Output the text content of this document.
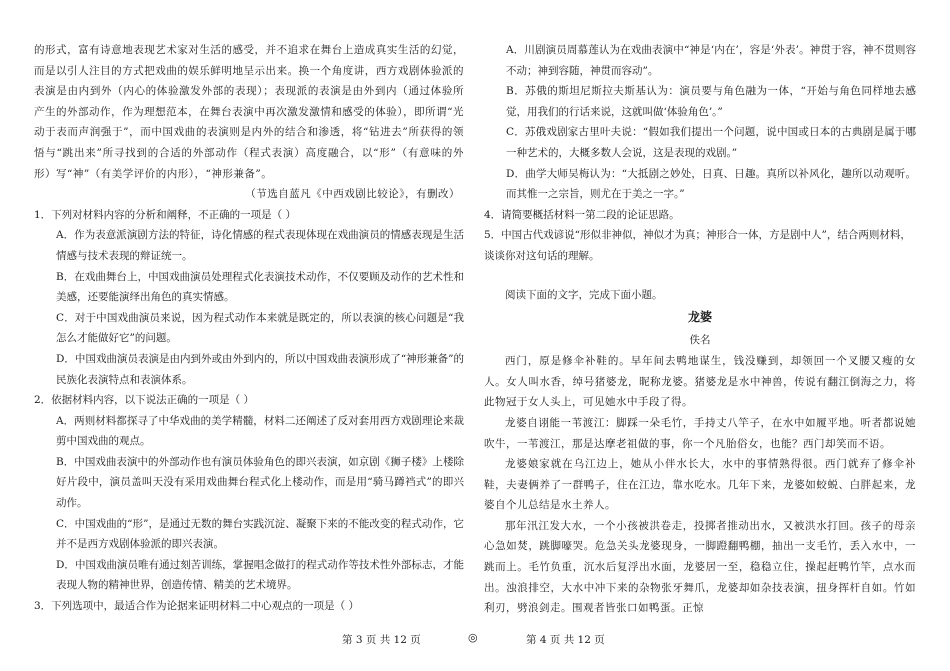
的形式，富有诗意地表现艺术家对生活的感受，并不追求在舞台上造成真实生活的幻觉，而是以引人注目的方式把戏曲的娱乐鲜明地呈示出来。换一个角度讲，西方戏剧体验派的表演是由内到外（内心的体验激发外部的表现）；表现派的表演是由外到内（通过体验所产生的外部动作，作为理想范本，在舞台表演中再次激发激情和感受的体验），即所谓“光动于表而声润强于”，而中国戏曲的表演则是内外的结合和渗透，将“钻进去”所获得的领悟与“跳出来”所寻找到的合适的外部动作（程式表演）高度融合，以“形”（有意味的外形）写“神”（有美学评价的内形），“神形兼备”。

（节选自蓝凡《中西戏剧比较论》，有删改）

1．下列对材料内容的分析和阐释，不正确的一项是（ ）

A．作为表意派演剧方法的特征，诗化情感的程式表现体现在戏曲演员的情感表现是生活情感与技术表现的辩证统一。

B．在戏曲舞台上，中国戏曲演员处理程式化表演技术动作，不仅要顾及动作的艺术性和美感，还要能演绎出角色的真实情感。

C．对于中国戏曲演员来说，因为程式动作本来就是既定的，所以表演的核心问题是“我怎么才能做好它”的问题。

D．中国戏曲演员表演是由内到外或由外到内的，所以中国戏曲表演形成了“神形兼备”的民族化表演特点和表演体系。

2．依据材料内容，以下说法正确的一项是（ ）

A．两则材料都探寻了中华戏曲的美学精髓，材料二还阐述了反对套用西方戏剧理论来裁剪中国戏曲的观点。

B．中国戏曲表演中的外部动作也有演员体验角色的即兴表演，如京剧《狮子楼》上楼除好片段中，演员盖叫天没有采用戏曲舞台程式化上楼动作，而是用“骑马蹲裆式”的即兴动作。

C．中国戏曲的“形”，是通过无数的舞台实践沉淀、凝聚下来的不能改变的程式动作，它并不是西方戏剧体验派的即兴表演。

D．中国戏曲演员唯有通过刻苦训练，掌握唱念做打的程式动作等技术性外部标志，才能表现人物的精神世界，创造传情、精美的艺术境界。

3．下列选项中，最适合作为论据来证明材料二中心观点的一项是（ ）

A．川剧演员周慕莲认为在戏曲表演中“神是‘内在’，容是‘外表’。神贯于容，神不贯则容不动；神到容随，神贯而容动”。

B．苏俄的斯坦尼斯拉夫斯基认为：演员要与角色融为一体，“开始与角色同样地去感觉，用我们的行话来说，这就叫做‘体验角色’。”

C．苏俄戏剧家古里叶夫说：“假如我们提出一个问题，说中国或日本的古典剧是属于哪一种艺术的，大概多数人会说，这是表现的戏剧。”

D．曲学大师吴梅认为：“大抵剧之妙处，日真、日趣。真所以补风化，趣所以动观听。而其惟一之宗旨，则尤在于美之一字。”

4．请简要概括材料一第二段的论证思路。

5．中国古代戏谚说“形似非神似，神似才为真；神形合一体，方是剧中人”，结合两则材料，谈谈你对这句话的理解。

阅读下面的文字，完成下面小题。

龙婆

佚名

西门，原是修伞补鞋的。早年间去鸭地谋生，钱没赚到，却领回一个叉腰又瘦的女人。女人叫水香，绰号猪婆龙，昵称龙婆。猪婆龙是水中神兽，传说有翻江倒海之力，将此物冠于女人头上，可见她水中手段了得。

龙婆自诩能一苇渡江：脚踩一朵毛竹，手持丈八竿子，在水中如履平地。听者都说她吹牛，一苇渡江，那是达摩老祖做的事，你一个凡胎俗女，也能？西门却笑而不语。

龙婆娘家就在乌江边上，她从小伴水长大，水中的事情熟得很。西门就弃了修伞补鞋，夫妻俩养了一群鸭子，住在江边，靠水吃水。几年下来，龙婆如蛟蜕、白胖起来，龙婆自个儿总结是水土养人。

那年汛江发大水，一个小孩被洪卷走，投掷者推动出水，又被洪水打回。孩子的母亲心急如焚，跳脚嚎哭。危急关头龙婆现身，一脚蹬翻鸭棚，抽出一支毛竹，丢入水中，一跳而上。毛竹负重，沉水后复浮出水面，龙婆居一至，稳稳立住，操起赶鸭竹竿，点水而出。浊浪排空，大水中冲下来的杂物张牙舞爪，龙婆却如杂技表演，扭身挥杆自如。竹如利刃，劈浪剑走。围观者皆张口如鸭蛋。正惊

第 3 页 共 12 页	◎	第 4 页 共 12 页
